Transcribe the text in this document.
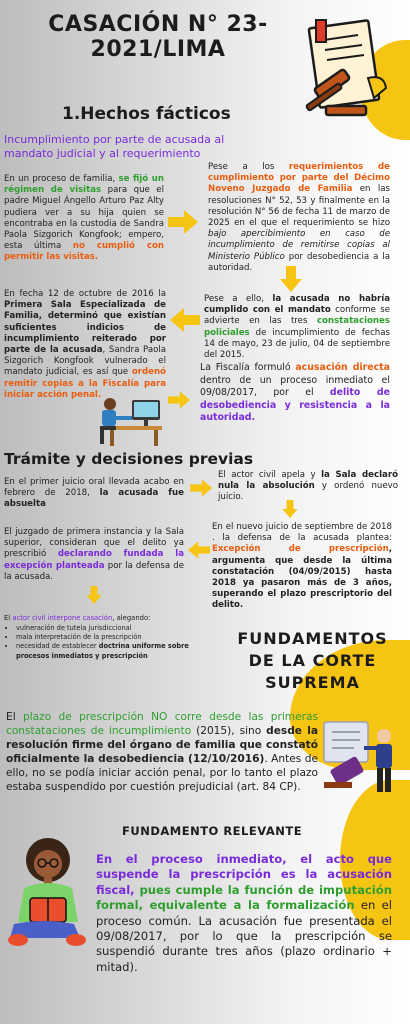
CASACIÓN N° 23-
2021/LIMA
1.Hechos fácticos
Incumplimiento por parte de acusada al mandato judicial y al requerimiento
En un proceso de familia, se fijó un régimen de visitas para que el padre Miguel Ángello Arturo Paz Alty pudiera ver a su hija quien se encontraba en la custodia de Sandra Paola Sizgorich Kongfook; empero, esta última no cumplió con permitir las visitas.
Pese a los requerimientos de cumplimiento por parte del Décimo Noveno Juzgado de Familia en las resoluciones N° 52, 53 y finalmente en la resolución N° 56 de fecha 11 de marzo de 2025 en el que el requerimiento se hizo bajo apercibimiento en caso de incumplimiento de remitirse copias al Ministerio Público por desobediencia a la autoridad.
Pese a ello, la acusada no habría cumplido con el mandato conforme se advierte en las tres constataciones policiales de incumplimiento de fechas 14 de mayo, 23 de julio, 04 de septiembre del 2015.
En fecha 12 de octubre de 2016 la Primera Sala Especializada de Familia, determinó que existían suficientes indicios de incumplimiento reiterado por parte de la acusada, Sandra Paola Sizgorich Kongfook vulnerado el mandato judicial, es así que ordenó remitir copias a la Fiscalía para iniciar acción penal.
La Fiscalía formuló acusación directa dentro de un proceso inmediato el 09/08/2017, por el delito de desobediencia y resistencia a la autoridad.
Trámite y decisiones previas
En el primer juicio oral llevada acabo en febrero de 2018, la acusada fue absuelta
El actor civil apela y la Sala declaró nula la absolución y ordenó nuevo juicio.
En el nuevo juicio de septiembre de 2018 . la defensa de la acusada plantea: Excepción de prescripción, argumenta que desde la última constatación (04/09/2015) hasta 2018 ya pasaron más de 3 años, superando el plazo prescriptorio del delito.
El juzgado de primera instancia y la Sala superior, consideran que el delito ya prescribió declarando fundada la excepción planteada por la defensa de la acusada.
El actor civil interpone casación, alegando:
• vulneración de tutela jurisdiccional
• mala interpretación de la prescripción
• necesidad de establecer doctrina uniforme sobre procesos inmediatos y prescripción
FUNDAMENTOS
DE LA CORTE
SUPREMA
El plazo de prescripción NO corre desde las primeras constataciones de incumplimiento (2015), sino desde la resolución firme del órgano de familia que constató oficialmente la desobediencia (12/10/2016). Antes de ello, no se podía iniciar acción penal, por lo tanto el plazo estaba suspendido por cuestión prejudicial (art. 84 CP).
FUNDAMENTO RELEVANTE
En el proceso inmediato, el acto que suspende la prescripción es la acusación fiscal, pues cumple la función de imputación formal, equivalente a la formalización en el proceso común. La acusación fue presentada el 09/08/2017, por lo que la prescripción se suspendió durante tres años (plazo ordinario + mitad).
